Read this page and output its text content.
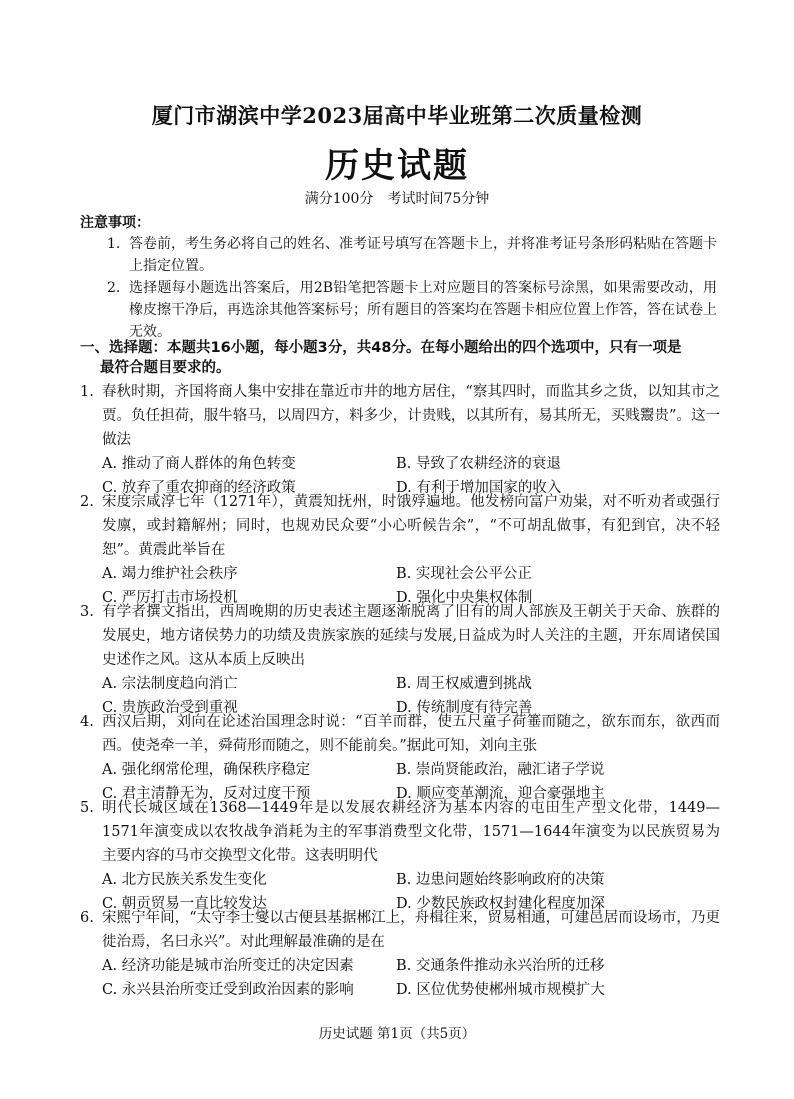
厦门市湖滨中学2023届高中毕业班第二次质量检测
历史试题
满分100分　考试时间75分钟
注意事项：
1. 答卷前，考生务必将自己的姓名、准考证号填写在答题卡上，并将准考证号条形码粘贴在答题卡上指定位置。
2. 选择题每小题选出答案后，用2B铅笔把答题卡上对应题目的答案标号涂黑，如果需要改动，用橡皮擦干净后，再选涂其他答案标号；所有题目的答案均在答题卡相应位置上作答，答在试卷上无效。
一、选择题：本题共16小题，每小题3分，共48分。在每小题给出的四个选项中，只有一项是
最符合题目要求的。
1. 春秋时期，齐国将商人集中安排在靠近市井的地方居住，“察其四时，而监其乡之货，以知其市之贾。负任担荷，服牛辂马，以周四方，料多少，计贵贱，以其所有，易其所无，买贱鬻贵”。这一做法
A. 推动了商人群体的角色转变	B. 导致了农耕经济的衰退
C. 放弃了重农抑商的经济政策	D. 有利于增加国家的收入
2. 宋度宗咸淳七年（1271年），黄震知抚州，时饿殍遍地。他发榜向富户劝粜，对不听劝者或强行发廪，或封籍解州；同时，也规劝民众要“小心听候告余”，“不可胡乱做事，有犯到官，决不轻恕”。黄震此举旨在
A. 竭力维护社会秩序	B. 实现社会公平公正
C. 严厉打击市场投机	D. 强化中央集权体制
3. 有学者撰文指出，西周晚期的历史表述主题逐渐脱离了旧有的周人部族及王朝关于天命、族群的发展史，地方诸侯势力的功绩及贵族家族的延续与发展,日益成为时人关注的主题，开东周诸侯国史述作之风。这从本质上反映出
A. 宗法制度趋向消亡	B. 周王权威遭到挑战
C. 贵族政治受到重视	D. 传统制度有待完善
4. 西汉后期，刘向在论述治国理念时说：“百羊而群，使五尺童子荷箠而随之，欲东而东，欲西而西。使尧牵一羊，舜荷形而随之，则不能前矣。”据此可知，刘向主张
A. 强化纲常伦理，确保秩序稳定	B. 崇尚贤能政治，融汇诸子学说
C. 君主清静无为，反对过度干预	D. 顺应变革潮流，迎合豪强地主
5. 明代长城区域在1368—1449年是以发展农耕经济为基本内容的屯田生产型文化带，1449—1571年演变成以农牧战争消耗为主的军事消费型文化带，1571—1644年演变为以民族贸易为主要内容的马市交换型文化带。这表明明代
A. 北方民族关系发生变化	B. 边患问题始终影响政府的决策
C. 朝贡贸易一直比较发达	D. 少数民族政权封建化程度加深
6. 宋熙宁年间，“太守李士燮以古便县基据郴江上，舟楫往来，贸易相通，可建邑居而设场市，乃更徙治焉，名曰永兴”。对此理解最准确的是在
A. 经济功能是城市治所变迁的决定因素	B. 交通条件推动永兴治所的迁移
C. 永兴县治所变迁受到政治因素的影响	D. 区位优势使郴州城市规模扩大
历史试题 第1页（共5页）
